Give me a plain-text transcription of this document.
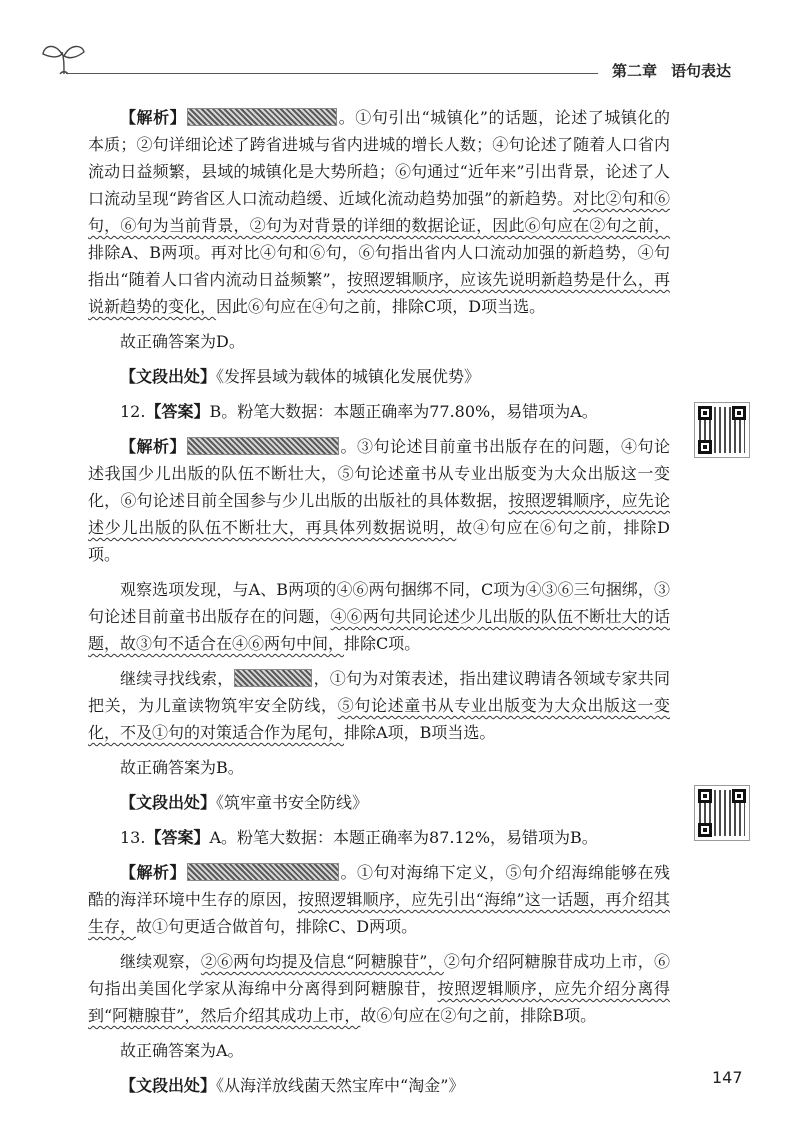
第二章 语句表达

【解析】	。①句引出“城镇化”的话题，论述了城镇化的本质；②句详细论述了跨省进城与省内进城的增长人数；④句论述了随着人口省内流动日益频繁，县域的城镇化是大势所趋；⑥句通过“近年来”引出背景，论述了人口流动呈现“跨省区人口流动趋缓、近域化流动趋势加强”的新趋势。对比②句和⑥句，⑥句为当前背景，②句为对背景的详细的数据论证，因此⑥句应在②句之前，排除A、B两项。再对比④句和⑥句，⑥句指出省内人口流动加强的新趋势，④句指出“随着人口省内流动日益频繁”，按照逻辑顺序，应该先说明新趋势是什么，再说新趋势的变化，因此⑥句应在④句之前，排除C项，D项当选。

故正确答案为D。

【文段出处】《发挥县域为载体的城镇化发展优势》

12.【答案】B。粉笔大数据：本题正确率为77.80%，易错项为A。

【解析】	。③句论述目前童书出版存在的问题，④句论述我国少儿出版的队伍不断壮大，⑤句论述童书从专业出版变为大众出版这一变化，⑥句论述目前全国参与少儿出版的出版社的具体数据，按照逻辑顺序，应先论述少儿出版的队伍不断壮大，再具体列数据说明，故④句应在⑥句之前，排除D项。

观察选项发现，与A、B两项的④⑥两句捆绑不同，C项为④③⑥三句捆绑，③句论述目前童书出版存在的问题，④⑥两句共同论述少儿出版的队伍不断壮大的话题，故③句不适合在④⑥两句中间，排除C项。

继续寻找线索，	，①句为对策表述，指出建议聘请各领域专家共同把关，为儿童读物筑牢安全防线，⑤句论述童书从专业出版变为大众出版这一变化，不及①句的对策适合作为尾句，排除A项，B项当选。

故正确答案为B。

【文段出处】《筑牢童书安全防线》

13.【答案】A。粉笔大数据：本题正确率为87.12%，易错项为B。

【解析】	。①句对海绵下定义，⑤句介绍海绵能够在残酷的海洋环境中生存的原因，按照逻辑顺序，应先引出“海绵”这一话题，再介绍其生存，故①句更适合做首句，排除C、D两项。

继续观察，②⑥两句均提及信息“阿糖腺苷”，②句介绍阿糖腺苷成功上市，⑥句指出美国化学家从海绵中分离得到阿糖腺苷，按照逻辑顺序，应先介绍分离得到“阿糖腺苷”，然后介绍其成功上市，故⑥句应在②句之前，排除B项。

故正确答案为A。

【文段出处】《从海洋放线菌天然宝库中“淘金”》	147
